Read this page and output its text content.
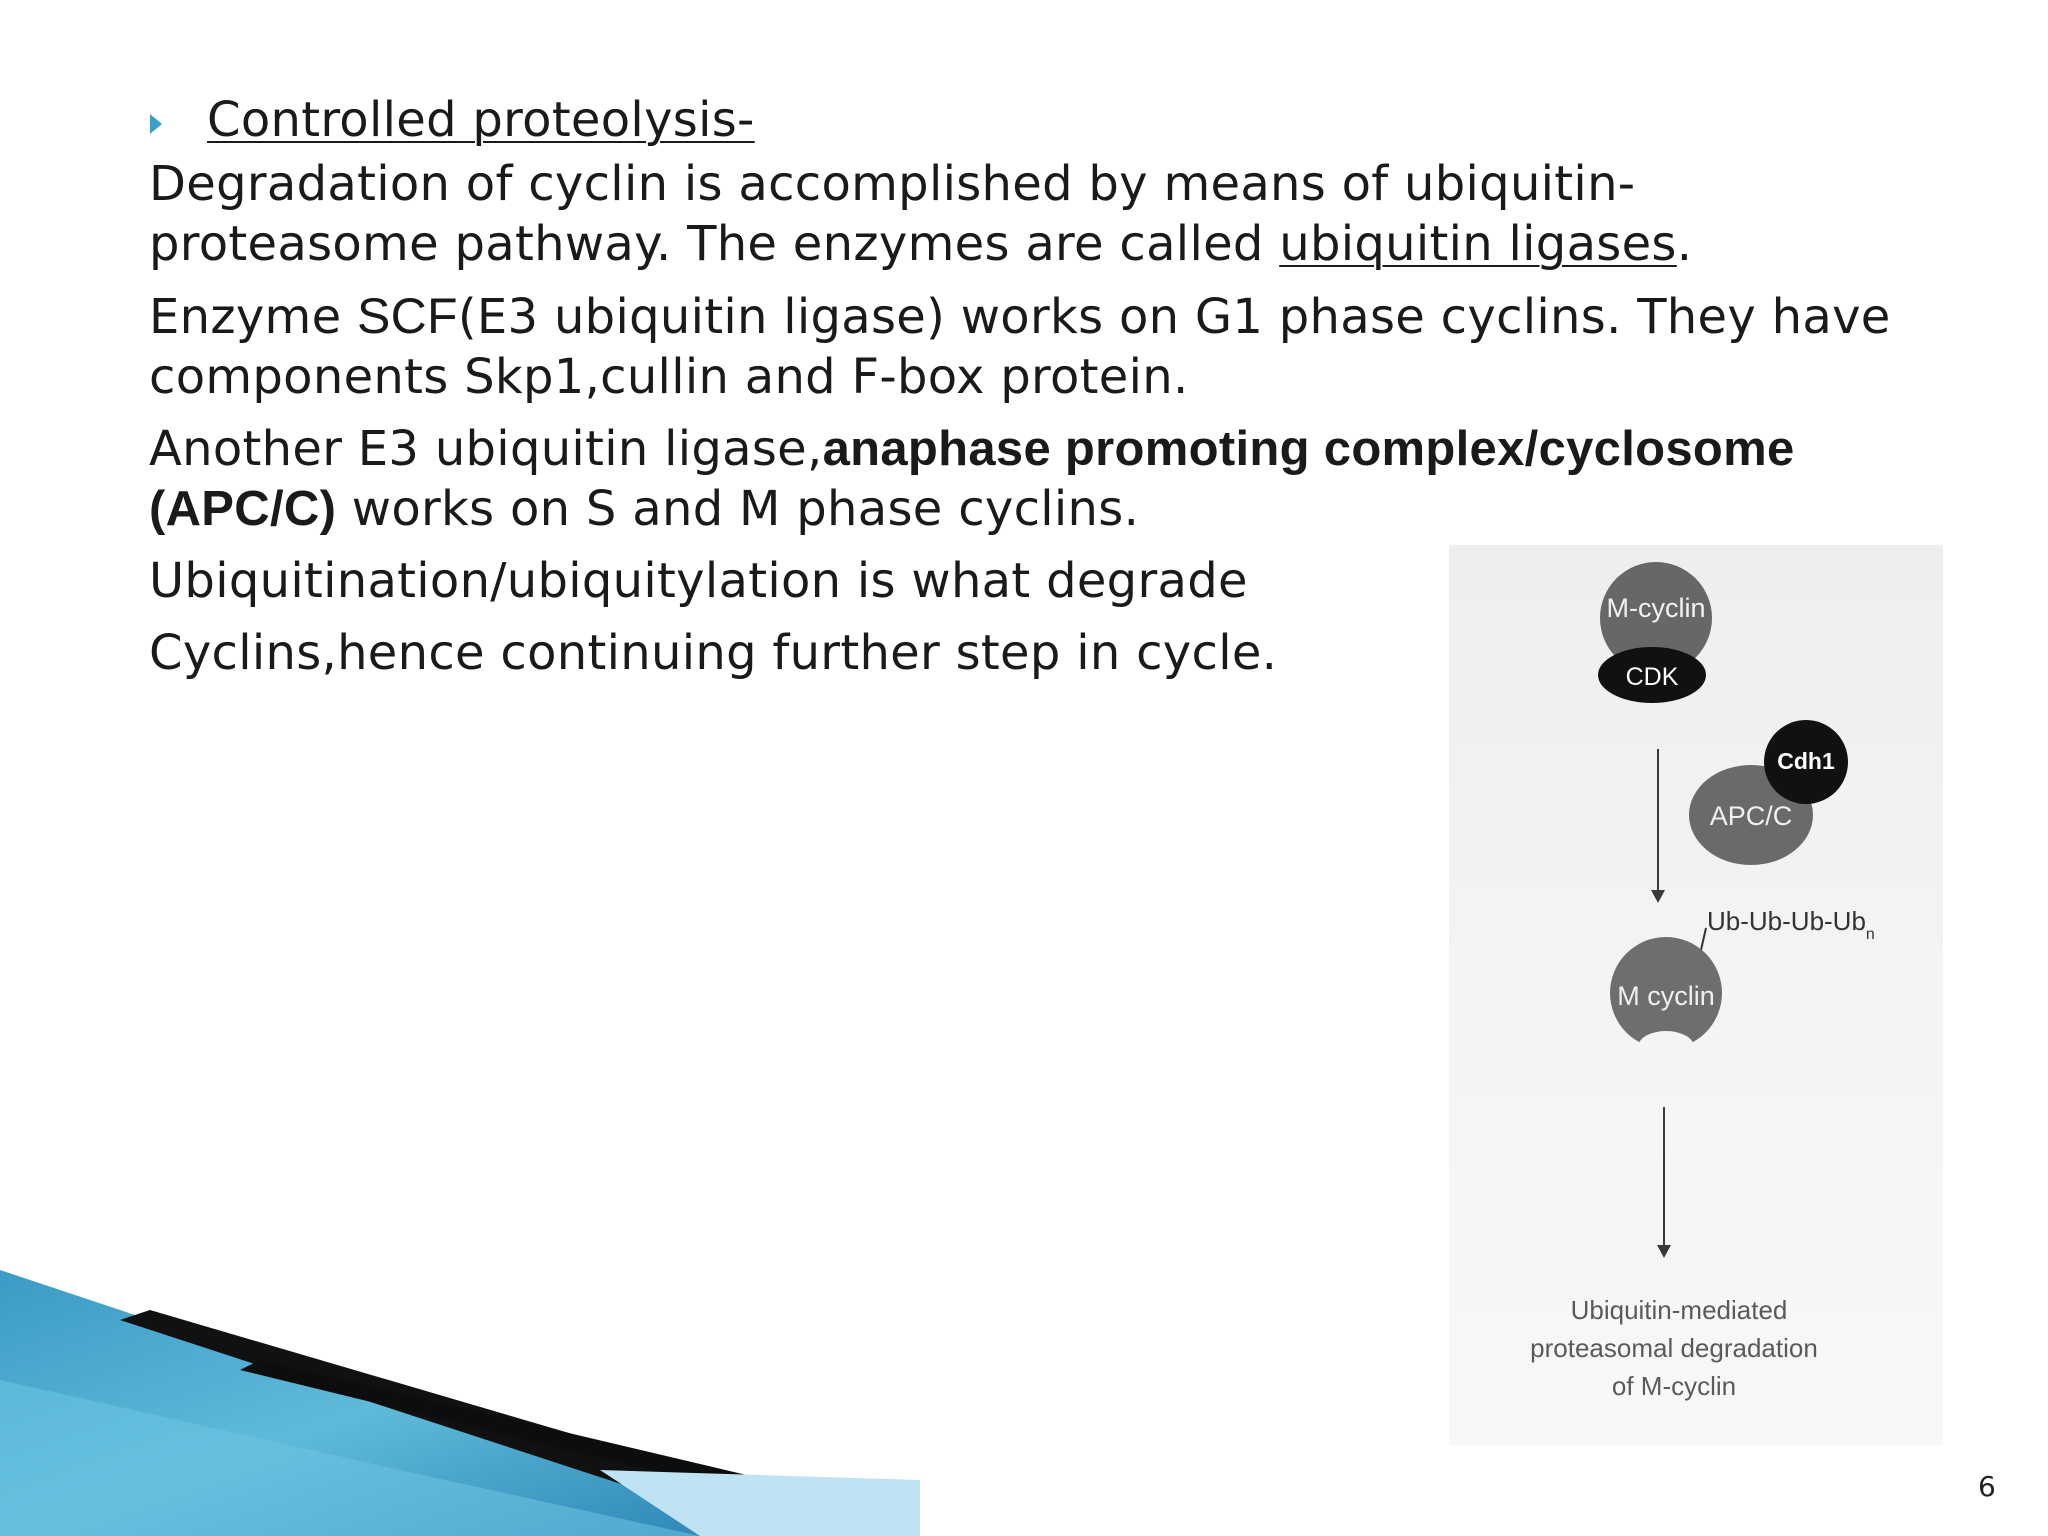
Controlled proteolysis-

Degradation of cyclin is accomplished by means of ubiquitin-
proteasome pathway. The enzymes are called ubiquitin ligases.

Enzyme SCF(E3 ubiquitin ligase) works on G1 phase cyclins. They have
components Skp1,cullin and F-box protein.

Another E3 ubiquitin ligase,anaphase promoting complex/cyclosome
(APC/C) works on S and M phase cyclins.

Ubiquitination/ubiquitylation is what degrade

Cyclins,hence continuing further step in cycle.

M-cyclin
CDK
Cdh1
APC/C
$Ub-Ub-Ub-Ub_n$
M cyclin
Ubiquitin-mediated
proteasomal degradation
of M-cyclin
6
